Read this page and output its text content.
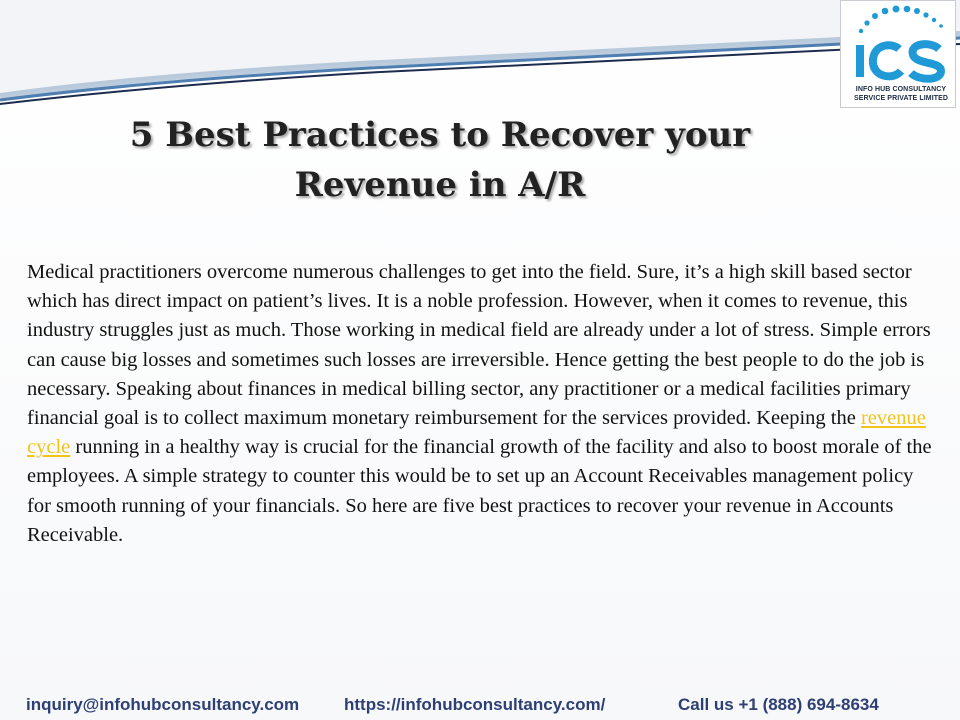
INFO HUB CONSULTANCY
SERVICE PRIVATE LIMITED
5 Best Practices to Recover your
Revenue in A/R

Medical practitioners overcome numerous challenges to get into the field. Sure, it’s a high skill based sector which has direct impact on patient’s lives. It is a noble profession. However, when it comes to revenue, this industry struggles just as much. Those working in medical field are already under a lot of stress. Simple errors can cause big losses and sometimes such losses are irreversible. Hence getting the best people to do the job is necessary. Speaking about finances in medical billing sector, any practitioner or a medical facilities primary financial goal is to collect maximum monetary reimbursement for the services provided. Keeping the revenue cycle running in a healthy way is crucial for the financial growth of the facility and also to boost morale of the employees. A simple strategy to counter this would be to set up an Account Receivables management policy for smooth running of your financials. So here are five best practices to recover your revenue in Accounts Receivable.

inquiry@infohubconsultancy.com	https://infohubconsultancy.com/	Call us +1 (888) 694-8634
